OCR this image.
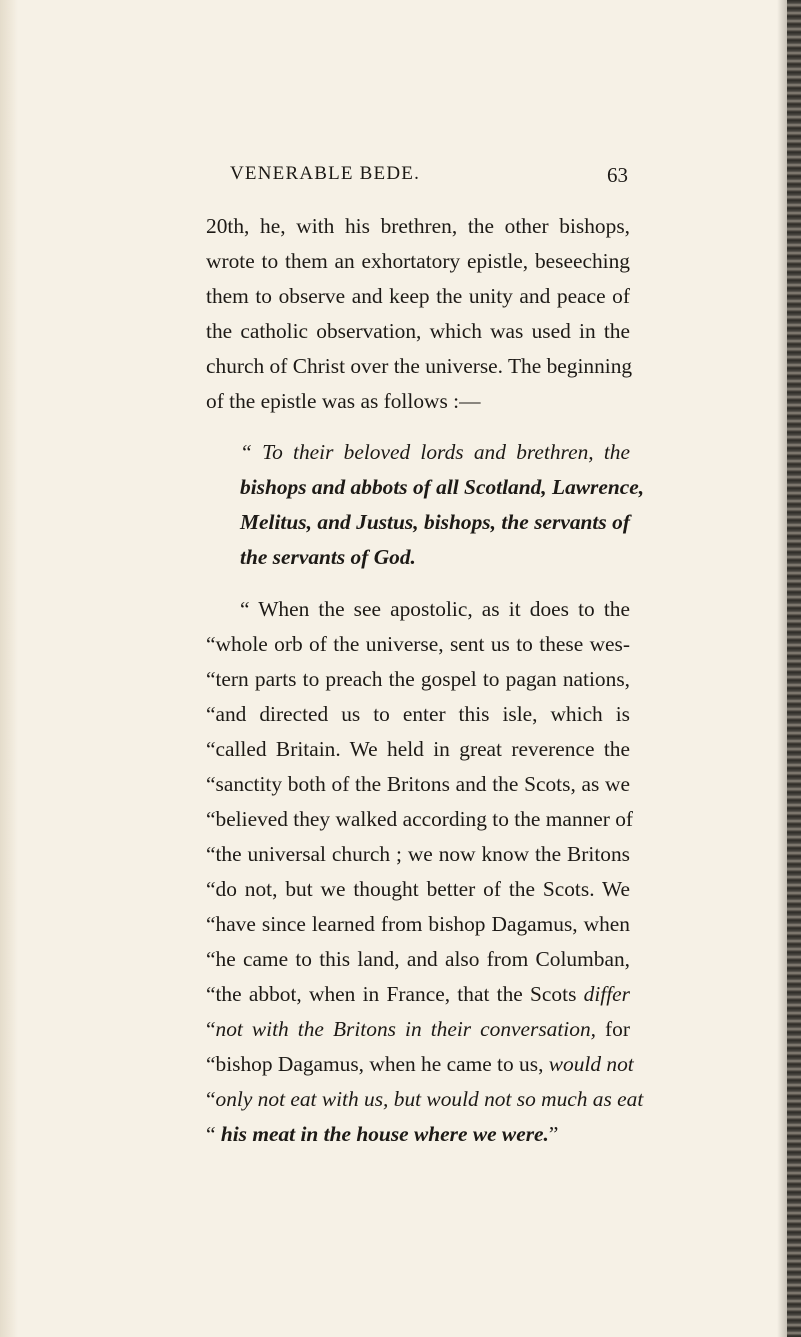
VENERABLE BEDE.	63
20th, he, with his brethren, the other bishops,
wrote to them an exhortatory epistle, beseeching
them to observe and keep the unity and peace of
the catholic observation, which was used in the
church of Christ over the universe. The beginning
of the epistle was as follows :—
“ To their beloved lords and brethren, the
bishops and abbots of all Scotland, Lawrence,
Melitus, and Justus, bishops, the servants of
the servants of God.
“ When the see apostolic, as it does to the
“whole orb of the universe, sent us to these wes-
“tern parts to preach the gospel to pagan nations,
“and directed us to enter this isle, which is
“called Britain. We held in great reverence the
“sanctity both of the Britons and the Scots, as we
“believed they walked according to the manner of
“the universal church ; we now know the Britons
“do not, but we thought better of the Scots. We
“have since learned from bishop Dagamus, when
“he came to this land, and also from Columban,
“the abbot, when in France, that the Scots differ
“not with the Britons in their conversation, for
“bishop Dagamus, when he came to us, would not
“only not eat with us, but would not so much as eat
“ his meat in the house where we were.”
